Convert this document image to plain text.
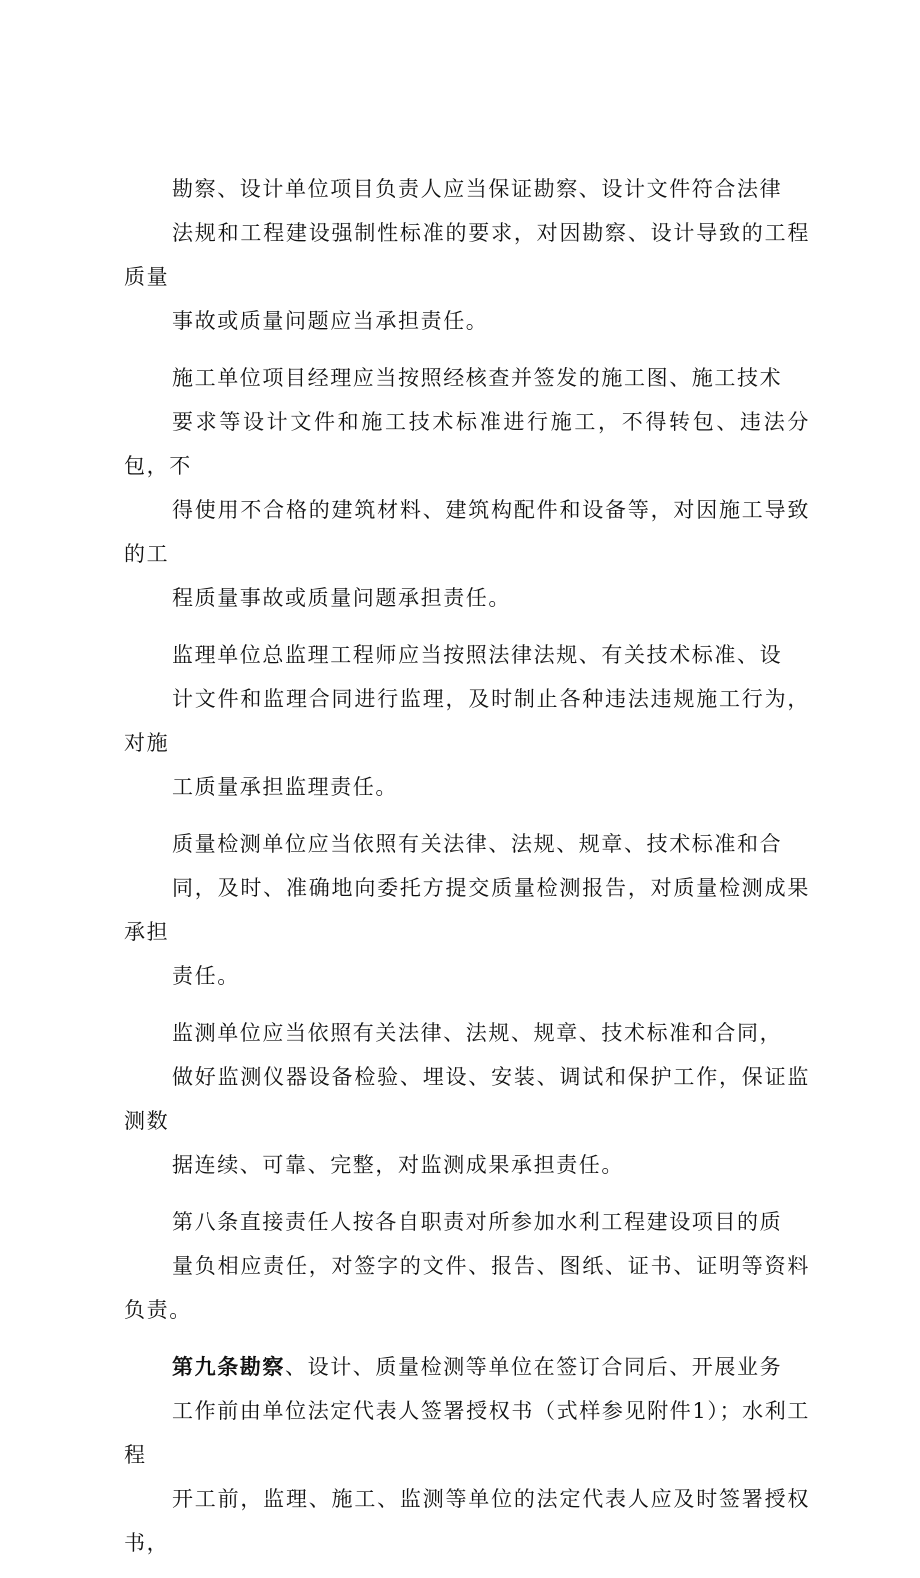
勘察、设计单位项目负责人应当保证勘察、设计文件符合法律
法规和工程建设强制性标准的要求，对因勘察、设计导致的工程质量
事故或质量问题应当承担责任。

施工单位项目经理应当按照经核查并签发的施工图、施工技术
要求等设计文件和施工技术标准进行施工，不得转包、违法分包，不
得使用不合格的建筑材料、建筑构配件和设备等，对因施工导致的工
程质量事故或质量问题承担责任。

监理单位总监理工程师应当按照法律法规、有关技术标准、设
计文件和监理合同进行监理，及时制止各种违法违规施工行为，对施
工质量承担监理责任。

质量检测单位应当依照有关法律、法规、规章、技术标准和合
同，及时、准确地向委托方提交质量检测报告，对质量检测成果承担
责任。

监测单位应当依照有关法律、法规、规章、技术标准和合同，
做好监测仪器设备检验、埋设、安装、调试和保护工作，保证监测数
据连续、可靠、完整，对监测成果承担责任。

第八条直接责任人按各自职责对所参加水利工程建设项目的质
量负相应责任，对签字的文件、报告、图纸、证书、证明等资料负责。

第九条勘察、设计、质量检测等单位在签订合同后、开展业务
工作前由单位法定代表人签署授权书（式样参见附件1）；水利工程
开工前，监理、施工、监测等单位的法定代表人应及时签署授权书，
